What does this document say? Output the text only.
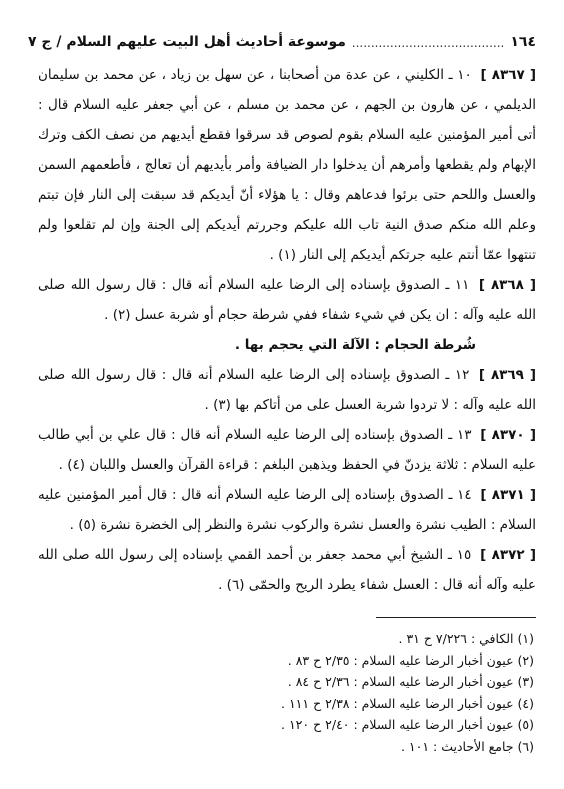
١٦٤
.....
موسوعة أحاديث أهل البيت عليهم السلام / ج ٧

[ ٨٣٦٧ ] ١٠ ـ الكليني ، عن عدة من أصحابنا ، عن سهل بن زياد ، عن محمد بن سليمان الديلمي ، عن هارون بن الجهم ، عن محمد بن مسلم ، عن أبي جعفر عليه السلام قال : أتى أمير المؤمنين عليه السلام بقوم لصوص قد سرقوا فقطع أيديهم من نصف الكف وترك الإبهام ولم يقطعها وأمرهم أن يدخلوا دار الضيافة وأمر بأيديهم أن تعالج ، فأطعمهم السمن والعسل واللحم حتى برئوا فدعاهم وقال : يا هؤلاء أنّ أيديكم قد سبقت إلى النار فإن تبتم وعلم الله منكم صدق النية تاب الله عليكم وجررتم أيديكم إلى الجنة وإن لم تقلعوا ولم تنتهوا عمّا أنتم عليه جرتكم أيديكم إلى النار (١) .

[ ٨٣٦٨ ] ١١ ـ الصدوق بإسناده إلى الرضا عليه السلام أنه قال : قال رسول الله صلى الله عليه وآله : ان يكن في شيء شفاء ففي شرطة حجام أو شربة عسل (٢) .

شُرطة الحجام : الآلة التي يحجم بها .

[ ٨٣٦٩ ] ١٢ ـ الصدوق بإسناده إلى الرضا عليه السلام أنه قال : قال رسول الله صلى الله عليه وآله : لا تردوا شربة العسل على من أتاكم بها (٣) .

[ ٨٣٧٠ ] ١٣ ـ الصدوق بإسناده إلى الرضا عليه السلام أنه قال : قال علي بن أبي طالب عليه السلام : ثلاثة يزدنّ في الحفظ ويذهبن البلغم : قراءة القرآن والعسل واللبان (٤) .

[ ٨٣٧١ ] ١٤ ـ الصدوق بإسناده إلى الرضا عليه السلام أنه قال : قال أمير المؤمنين عليه السلام : الطيب نشرة والعسل نشرة والركوب نشرة والنظر إلى الخضرة نشرة (٥) .

[ ٨٣٧٢ ] ١٥ ـ الشيخ أبي محمد جعفر بن أحمد القمي بإسناده إلى رسول الله صلى الله عليه وآله أنه قال : العسل شفاء يطرد الريح والحمّى (٦) .

(١) الكافي : ٧/٢٢٦ ح ٣١ .
(٢) عيون أخبار الرضا عليه السلام : ٢/٣٥ ح ٨٣ .
(٣) عيون أخبار الرضا عليه السلام : ٢/٣٦ ح ٨٤ .
(٤) عيون أخبار الرضا عليه السلام : ٢/٣٨ ح ١١١ .
(٥) عيون أخبار الرضا عليه السلام : ٢/٤٠ ح ١٢٠ .
(٦) جامع الأحاديث : ١٠١ .
